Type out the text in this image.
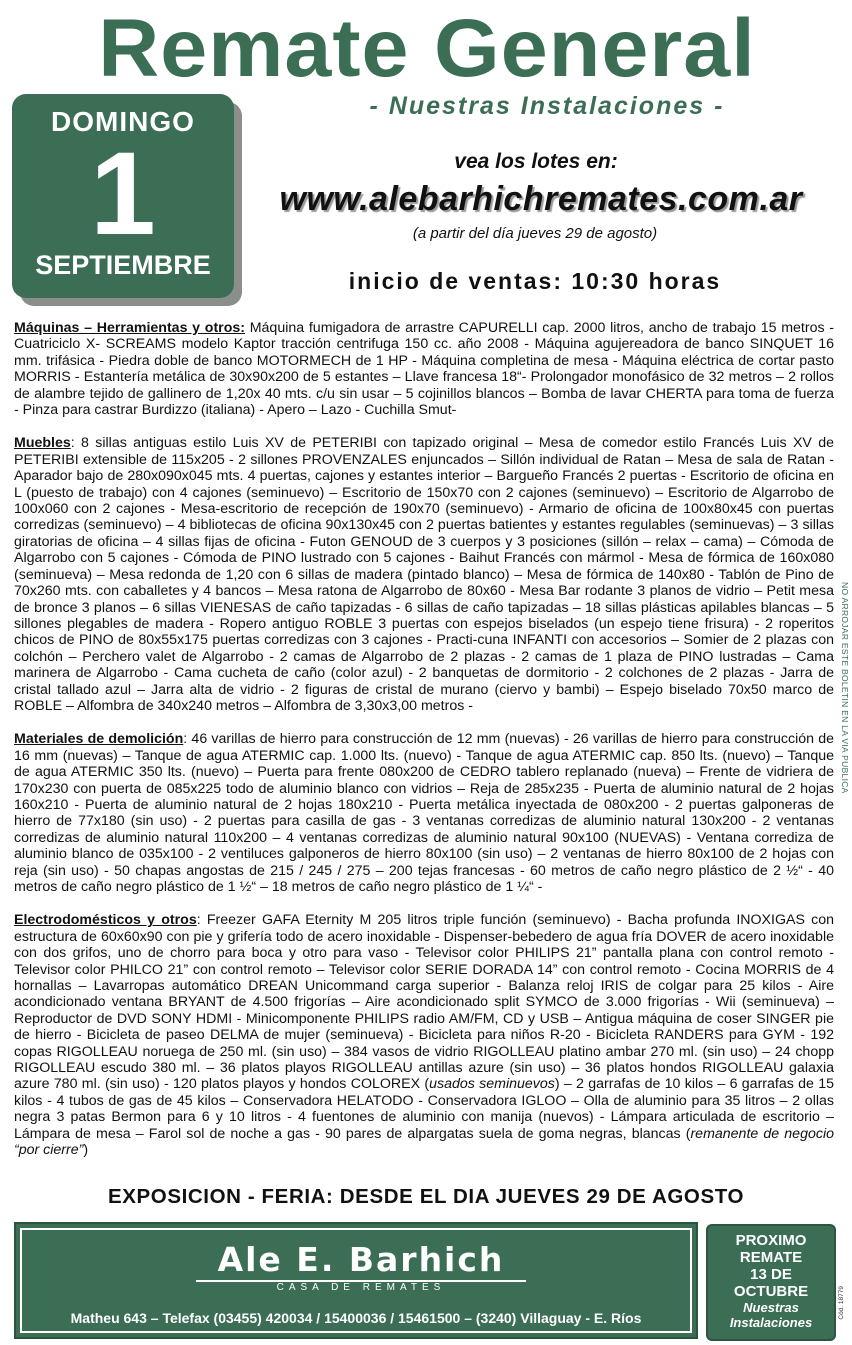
Remate General
- Nuestras Instalaciones -
DOMINGO
1
SEPTIEMBRE
vea los lotes en:
www.alebarhichremates.com.ar
(a partir del día jueves 29 de agosto)
inicio de ventas: 10:30 horas

Máquinas – Herramientas y otros: Máquina fumigadora de arrastre CAPURELLI cap. 2000 litros, ancho de trabajo 15 metros - Cuatriciclo X- SCREAMS modelo Kaptor tracción centrifuga 150 cc. año 2008 - Máquina agujereadora de banco SINQUET 16 mm. trifásica - Piedra doble de banco MOTORMECH de 1 HP - Máquina completina de mesa - Máquina eléctrica de cortar pasto MORRIS - Estantería metálica de 30x90x200 de 5 estantes – Llave francesa 18“- Prolongador monofásico de 32 metros – 2 rollos de alambre tejido de gallinero de 1,20x 40 mts. c/u sin usar – 5 cojinillos blancos – Bomba de lavar CHERTA para toma de fuerza - Pinza para castrar Burdizzo (italiana) - Apero – Lazo - Cuchilla Smut-

Muebles: 8 sillas antiguas estilo Luis XV de PETERIBI con tapizado original – Mesa de comedor estilo Francés Luis XV de PETERIBI extensible de 115x205 - 2 sillones PROVENZALES enjuncados – Sillón individual de Ratan – Mesa de sala de Ratan - Aparador bajo de 280x090x045 mts. 4 puertas, cajones y estantes interior – Bargueño Francés 2 puertas - Escritorio de oficina en L (puesto de trabajo) con 4 cajones (seminuevo) – Escritorio de 150x70 con 2 cajones (seminuevo) – Escritorio de Algarrobo de 100x060 con 2 cajones - Mesa-escritorio de recepción de 190x70 (seminuevo) - Armario de oficina de 100x80x45 con puertas corredizas (seminuevo) – 4 bibliotecas de oficina 90x130x45 con 2 puertas batientes y estantes regulables (seminuevas) – 3 sillas giratorias de oficina – 4 sillas fijas de oficina - Futon GENOUD de 3 cuerpos y 3 posiciones (sillón – relax – cama) – Cómoda de Algarrobo con 5 cajones - Cómoda de PINO lustrado con 5 cajones - Baihut Francés con mármol - Mesa de fórmica de 160x080 (seminueva) – Mesa redonda de 1,20 con 6 sillas de madera (pintado blanco) – Mesa de fórmica de 140x80 - Tablón de Pino de 70x260 mts. con caballetes y 4 bancos – Mesa ratona de Algarrobo de 80x60 - Mesa Bar rodante 3 planos de vidrio – Petit mesa de bronce 3 planos – 6 sillas VIENESAS de caño tapizadas - 6 sillas de caño tapizadas – 18 sillas plásticas apilables blancas – 5 sillones plegables de madera - Ropero antiguo ROBLE 3 puertas con espejos biselados (un espejo tiene frisura) - 2 roperitos chicos de PINO de 80x55x175 puertas corredizas con 3 cajones - Practi-cuna INFANTI con accesorios – Somier de 2 plazas con colchón – Perchero valet de Algarrobo - 2 camas de Algarrobo de 2 plazas - 2 camas de 1 plaza de PINO lustradas – Cama marinera de Algarrobo - Cama cucheta de caño (color azul) - 2 banquetas de dormitorio - 2 colchones de 2 plazas - Jarra de cristal tallado azul – Jarra alta de vidrio - 2 figuras de cristal de murano (ciervo y bambi) – Espejo biselado 70x50 marco de ROBLE – Alfombra de 340x240 metros – Alfombra de 3,30x3,00 metros -

Materiales de demolición: 46 varillas de hierro para construcción de 12 mm (nuevas) - 26 varillas de hierro para construcción de 16 mm (nuevas) – Tanque de agua ATERMIC cap. 1.000 lts. (nuevo) - Tanque de agua ATERMIC cap. 850 lts. (nuevo) – Tanque de agua ATERMIC 350 lts. (nuevo) – Puerta para frente 080x200 de CEDRO tablero replanado (nueva) – Frente de vidriera de 170x230 con puerta de 085x225 todo de aluminio blanco con vidrios – Reja de 285x235 - Puerta de aluminio natural de 2 hojas 160x210 - Puerta de aluminio natural de 2 hojas 180x210 - Puerta metálica inyectada de 080x200 - 2 puertas galponeras de hierro de 77x180 (sin uso) - 2 puertas para casilla de gas - 3 ventanas corredizas de aluminio natural 130x200 - 2 ventanas corredizas de aluminio natural 110x200 – 4 ventanas corredizas de aluminio natural 90x100 (NUEVAS) - Ventana corrediza de aluminio blanco de 035x100 - 2 ventiluces galponeros de hierro 80x100 (sin uso) – 2 ventanas de hierro 80x100 de 2 hojas con reja (sin uso) - 50 chapas angostas de 215 / 245 / 275 – 200 tejas francesas - 60 metros de caño negro plástico de 2 ½“ - 40 metros de caño negro plástico de 1 ½“ – 18 metros de caño negro plástico de 1 ¼“ -

Electrodomésticos y otros: Freezer GAFA Eternity M 205 litros triple función (seminuevo) - Bacha profunda INOXIGAS con estructura de 60x60x90 con pie y grifería todo de acero inoxidable - Dispenser-bebedero de agua fría DOVER de acero inoxidable con dos grifos, uno de chorro para boca y otro para vaso - Televisor color PHILIPS 21” pantalla plana con control remoto - Televisor color PHILCO 21” con control remoto – Televisor color SERIE DORADA 14” con control remoto - Cocina MORRIS de 4 hornallas – Lavarropas automático DREAN Unicommand carga superior - Balanza reloj IRIS de colgar para 25 kilos - Aire acondicionado ventana BRYANT de 4.500 frigorías – Aire acondicionado split SYMCO de 3.000 frigorías - Wii (seminueva) – Reproductor de DVD SONY HDMI - Minicomponente PHILIPS radio AM/FM, CD y USB – Antigua máquina de coser SINGER pie de hierro - Bicicleta de paseo DELMA de mujer (seminueva) - Bicicleta para niños R-20 - Bicicleta RANDERS para GYM - 192 copas RIGOLLEAU noruega de 250 ml. (sin uso) – 384 vasos de vidrio RIGOLLEAU platino ambar 270 ml. (sin uso) – 24 chopp RIGOLLEAU escudo 380 ml. – 36 platos playos RIGOLLEAU antillas azure (sin uso) – 36 platos hondos RIGOLLEAU galaxia azure 780 ml. (sin uso) - 120 platos playos y hondos COLOREX (usados seminuevos) – 2 garrafas de 10 kilos – 6 garrafas de 15 kilos - 4 tubos de gas de 45 kilos – Conservadora HELATODO - Conservadora IGLOO – Olla de aluminio para 35 litros – 2 ollas negra 3 patas Bermon para 6 y 10 litros - 4 fuentones de aluminio con manija (nuevos) - Lámpara articulada de escritorio – Lámpara de mesa – Farol sol de noche a gas - 90 pares de alpargatas suela de goma negras, blancas (remanente de negocio “por cierre”)

NO ARROJAR ESTE BOLETIN EN LA VIA PUBLICA
EXPOSICION - FERIA: DESDE EL DIA JUEVES 29 DE AGOSTO
Ale E. Barhich
CASA DE REMATES
Matheu 643 – Telefax (03455) 420034 / 15400036 / 15461500 – (3240) Villaguay - E. Ríos
PROXIMO
REMATE
13 DE
OCTUBRE
Nuestras
Instalaciones
Cód. 18779
